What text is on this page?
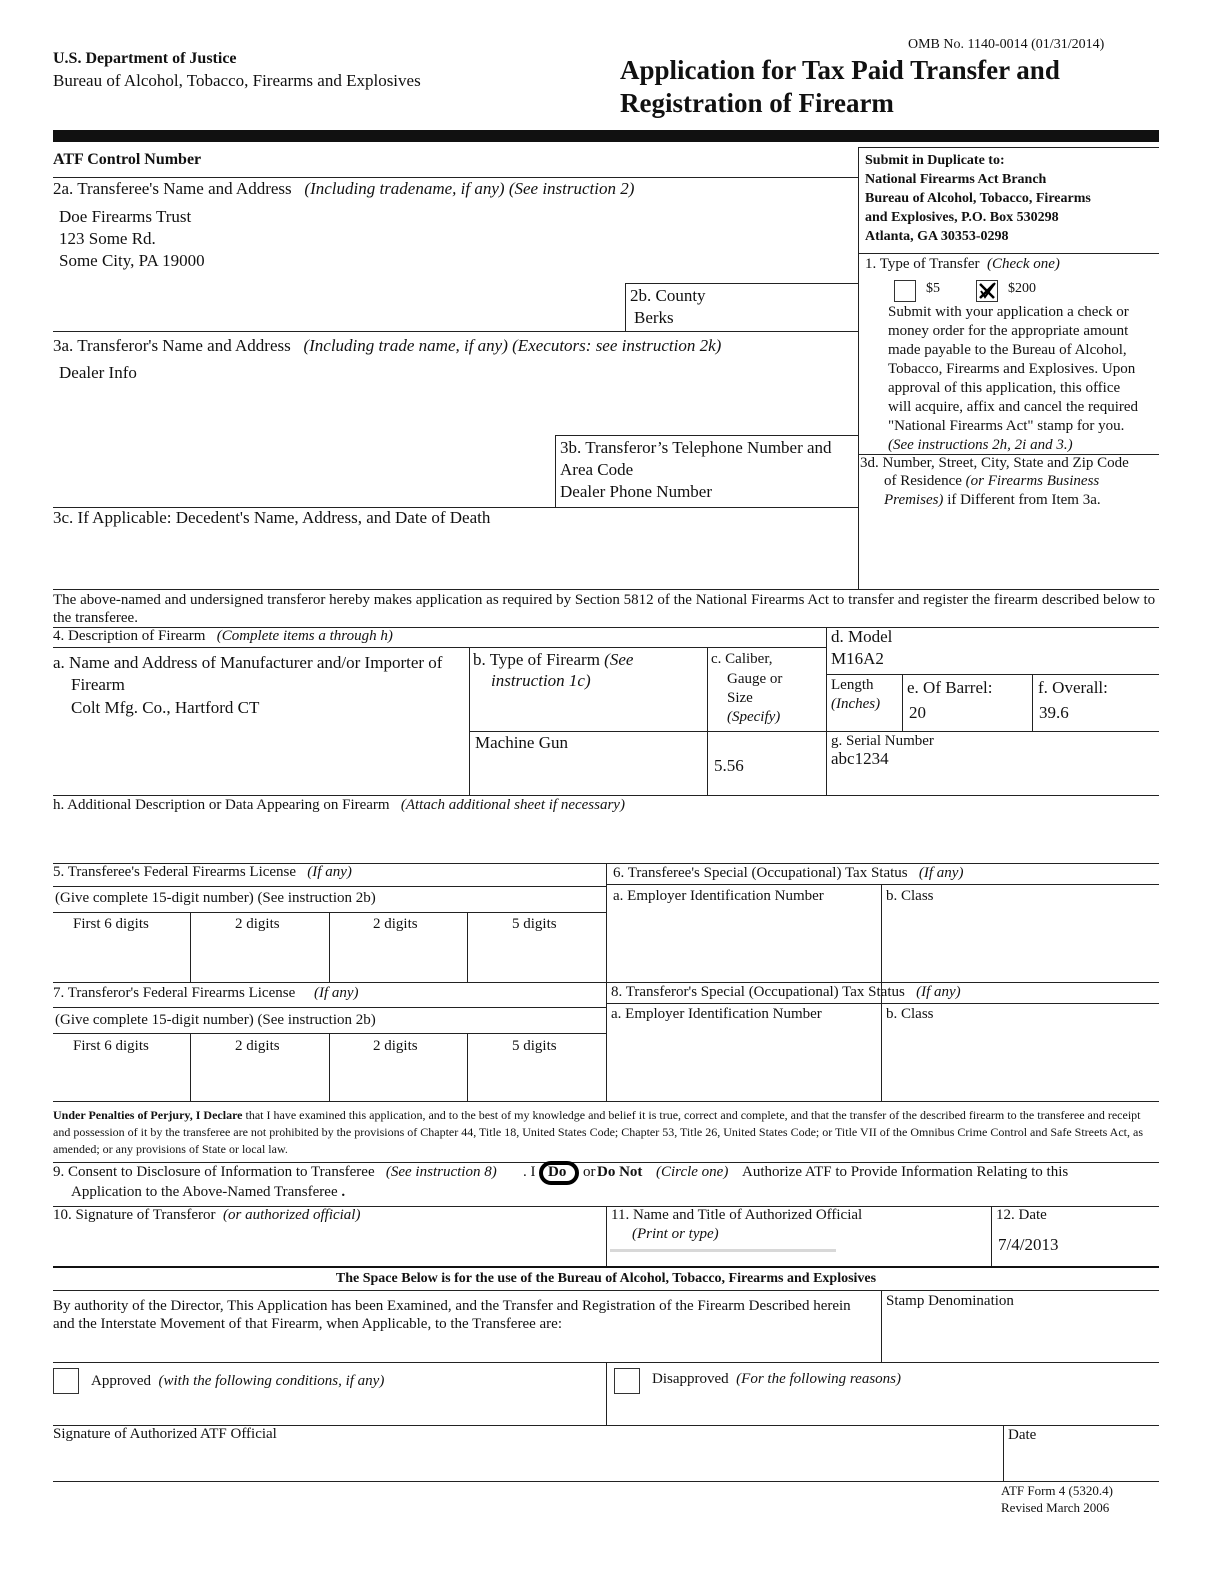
U.S. Department of Justice
Bureau of Alcohol, Tobacco, Firearms and Explosives
OMB No. 1140-0014 (01/31/2014)
Application for Tax Paid Transfer and
Registration of Firearm
ATF Control Number	Submit in Duplicate to:
National Firearms Act Branch
Bureau of Alcohol, Tobacco, Firearms
and Explosives, P.O. Box 530298
Atlanta, GA 30353-0298
1. Type of Transfer (Check one)
$5	$200
Submit with your application a check or
money order for the appropriate amount
made payable to the Bureau of Alcohol,
Tobacco, Firearms and Explosives. Upon
approval of this application, this office
will acquire, affix and cancel the required
"National Firearms Act" stamp for you.
(See instructions 2h, 2i and 3.)
3d. Number, Street, City, State and Zip Code
of Residence (or Firearms Business
Premises) if Different from Item 3a.
2a. Transferee's Name and Address (Including tradename, if any) (See instruction 2)
Doe Firearms Trust
123 Some Rd.
Some City, PA 19000
2b. County
Berks
3a. Transferor's Name and Address (Including trade name, if any) (Executors: see instruction 2k)
Dealer Info
3b. Transferor’s Telephone Number and
Area Code
Dealer Phone Number
3c. If Applicable: Decedent's Name, Address, and Date of Death
The above-named and undersigned transferor hereby makes application as required by Section 5812 of the National Firearms Act to transfer and register the firearm described below to the transferee.
4. Description of Firearm (Complete items a through h)
a. Name and Address of Manufacturer and/or Importer of
Firearm
Colt Mfg. Co., Hartford CT
b. Type of Firearm (See
instruction 1c)
Machine Gun
c. Caliber,
Gauge or
Size
(Specify)
5.56
d. Model
M16A2
Length
(Inches)
e. Of Barrel:
20
f. Overall:
39.6
g. Serial Number
abc1234
h. Additional Description or Data Appearing on Firearm (Attach additional sheet if necessary)
5. Transferee's Federal Firearms License (If any)
(Give complete 15-digit number) (See instruction 2b)
First 6 digits	2 digits	2 digits	5 digits
6. Transferee's Special (Occupational) Tax Status (If any)
a. Employer Identification Number	b. Class
7. Transferor's Federal Firearms License (If any)
(Give complete 15-digit number) (See instruction 2b)
First 6 digits	2 digits	2 digits	5 digits
8. Transferor's Special (Occupational) Tax Status (If any)
a. Employer Identification Number	b. Class
Under Penalties of Perjury, I Declare that I have examined this application, and to the best of my knowledge and belief it is true, correct and complete, and that the transfer of the described firearm to the transferee and receipt and possession of it by the transferee are not prohibited by the provisions of Chapter 44, Title 18, United States Code; Chapter 53, Title 26, United States Code; or Title VII of the Omnibus Crime Control and Safe Streets Act, as amended; or any provisions of State or local law.
9. Consent to Disclosure of Information to Transferee (See instruction 8) . I Do or Do Not (Circle one) Authorize ATF to Provide Information Relating to this
Application to the Above-Named Transferee .
10. Signature of Transferor (or authorized official)	11. Name and Title of Authorized Official
(Print or type)
12. Date
7/4/2013
The Space Below is for the use of the Bureau of Alcohol, Tobacco, Firearms and Explosives
By authority of the Director, This Application has been Examined, and the Transfer and Registration of the Firearm Described herein and the Interstate Movement of that Firearm, when Applicable, to the Transferee are:
Stamp Denomination
Approved (with the following conditions, if any)	Disapproved (For the following reasons)
Signature of Authorized ATF Official	Date
ATF Form 4 (5320.4)
Revised March 2006
